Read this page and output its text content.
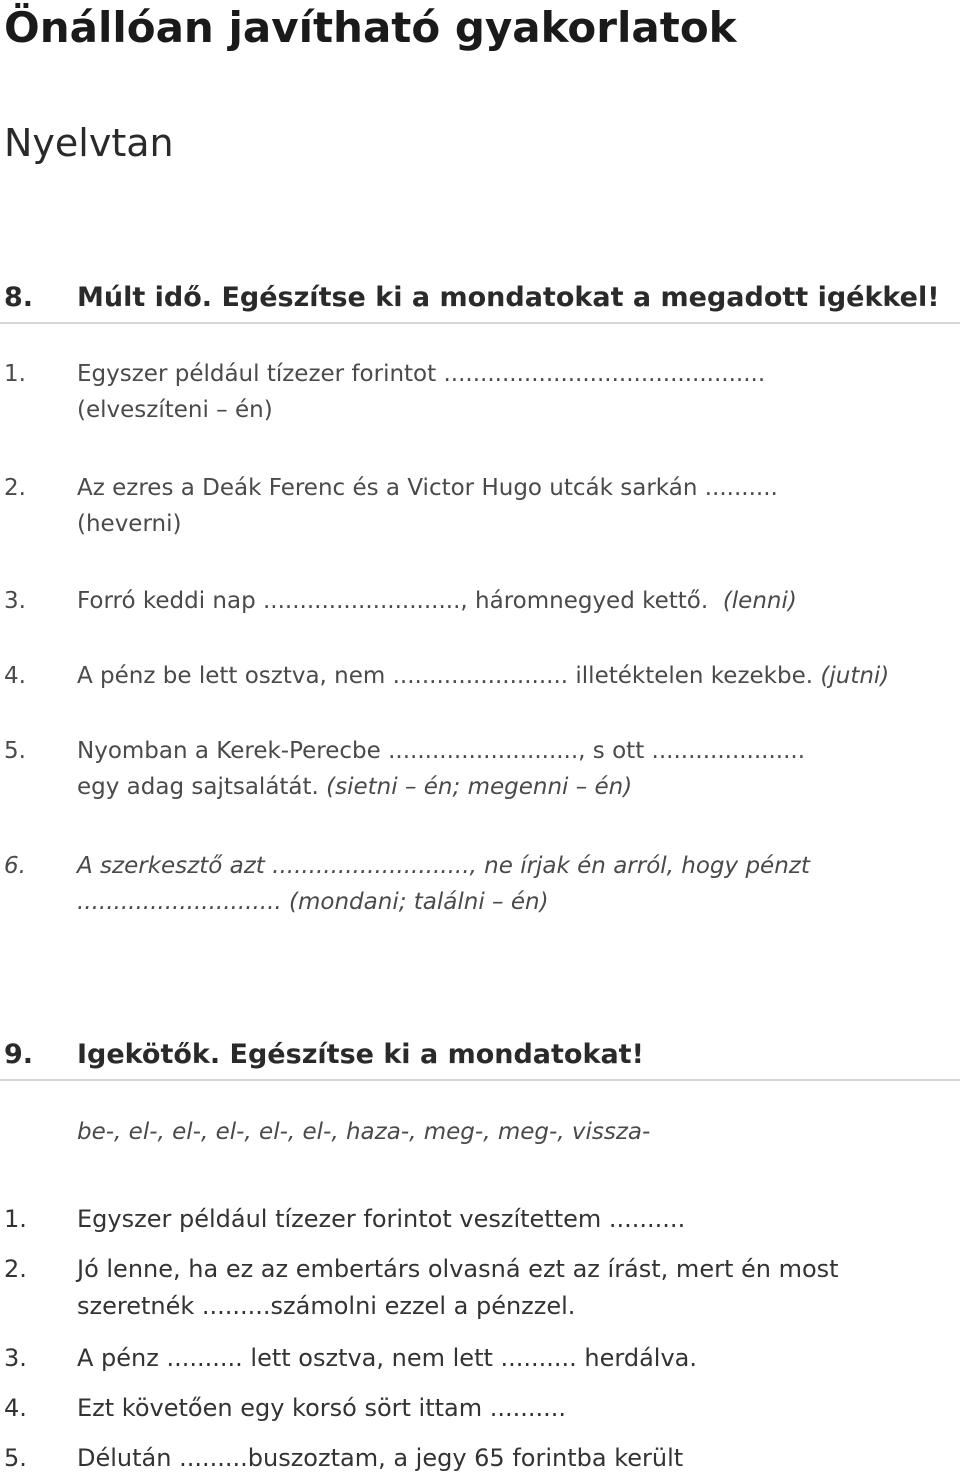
Önállóan javítható gyakorlatok
Nyelvtan
8. Múlt idő. Egészítse ki a mondatokat a megadott igékkel!
1. Egyszer például tízezer forintot ............................................
(elveszíteni – én)
2. Az ezres a Deák Ferenc és a Victor Hugo utcák sarkán ..........
(heverni)
3. Forró keddi nap ..........................., háromnegyed kettő. (lenni)
4. A pénz be lett osztva, nem ........................ illetéktelen kezekbe. (jutni)
5. Nyomban a Kerek-Perecbe .........................., s ott .....................
egy adag sajtsalátát. (sietni – én; megenni – én)
6. A szerkesztő azt ..........................., ne írjak én arról, hogy pénzt
............................ (mondani; találni – én)
9. Igekötők. Egészítse ki a mondatokat!
be-, el-, el-, el-, el-, el-, haza-, meg-, meg-, vissza-
1. Egyszer például tízezer forintot veszítettem ..........
2. Jó lenne, ha ez az embertárs olvasná ezt az írást, mert én most
szeretnék .........számolni ezzel a pénzzel.
3. A pénz .......... lett osztva, nem lett .......... herdálva.
4. Ezt követően egy korsó sört ittam ..........
5. Délután .........buszoztam, a jegy 65 forintba került
